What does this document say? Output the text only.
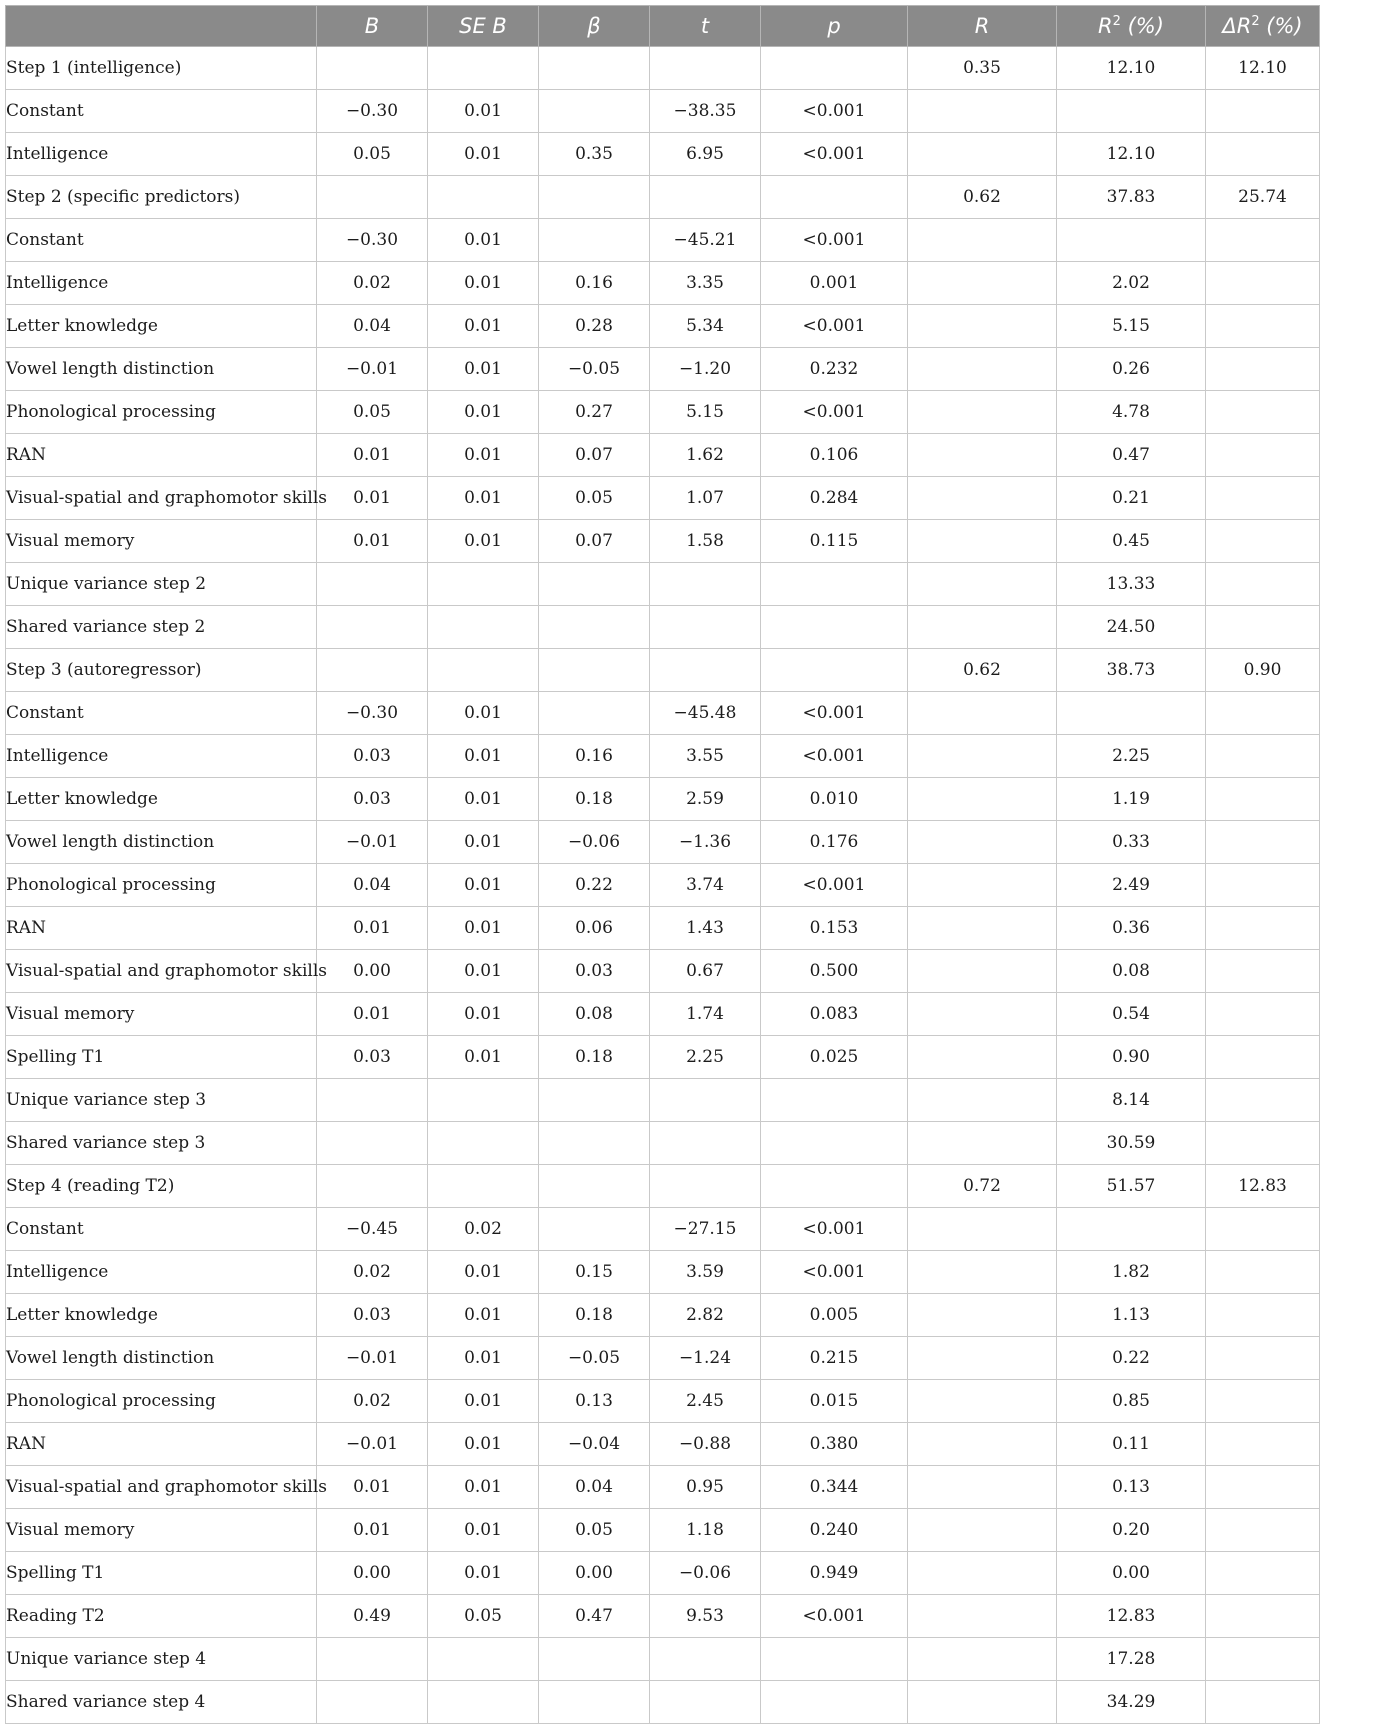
	B	SE B	β	t	p	R	$R^2$ (%)	$\Delta R^2$ (%)
Step 1 (intelligence)						0.35	12.10	12.10
Constant	−0.30	0.01		−38.35	<0.001			
Intelligence	0.05	0.01	0.35	6.95	<0.001		12.10	
Step 2 (specific predictors)						0.62	37.83	25.74
Constant	−0.30	0.01		−45.21	<0.001			
Intelligence	0.02	0.01	0.16	3.35	0.001		2.02	
Letter knowledge	0.04	0.01	0.28	5.34	<0.001		5.15	
Vowel length distinction	−0.01	0.01	−0.05	−1.20	0.232		0.26	
Phonological processing	0.05	0.01	0.27	5.15	<0.001		4.78	
RAN	0.01	0.01	0.07	1.62	0.106		0.47	
Visual-spatial and graphomotor skills	0.01	0.01	0.05	1.07	0.284		0.21	
Visual memory	0.01	0.01	0.07	1.58	0.115		0.45	
Unique variance step 2							13.33	
Shared variance step 2							24.50	
Step 3 (autoregressor)						0.62	38.73	0.90
Constant	−0.30	0.01		−45.48	<0.001			
Intelligence	0.03	0.01	0.16	3.55	<0.001		2.25	
Letter knowledge	0.03	0.01	0.18	2.59	0.010		1.19	
Vowel length distinction	−0.01	0.01	−0.06	−1.36	0.176		0.33	
Phonological processing	0.04	0.01	0.22	3.74	<0.001		2.49	
RAN	0.01	0.01	0.06	1.43	0.153		0.36	
Visual-spatial and graphomotor skills	0.00	0.01	0.03	0.67	0.500		0.08	
Visual memory	0.01	0.01	0.08	1.74	0.083		0.54	
Spelling T1	0.03	0.01	0.18	2.25	0.025		0.90	
Unique variance step 3							8.14	
Shared variance step 3							30.59	
Step 4 (reading T2)						0.72	51.57	12.83
Constant	−0.45	0.02		−27.15	<0.001			
Intelligence	0.02	0.01	0.15	3.59	<0.001		1.82	
Letter knowledge	0.03	0.01	0.18	2.82	0.005		1.13	
Vowel length distinction	−0.01	0.01	−0.05	−1.24	0.215		0.22	
Phonological processing	0.02	0.01	0.13	2.45	0.015		0.85	
RAN	−0.01	0.01	−0.04	−0.88	0.380		0.11	
Visual-spatial and graphomotor skills	0.01	0.01	0.04	0.95	0.344		0.13	
Visual memory	0.01	0.01	0.05	1.18	0.240		0.20	
Spelling T1	0.00	0.01	0.00	−0.06	0.949		0.00	
Reading T2	0.49	0.05	0.47	9.53	<0.001		12.83	
Unique variance step 4							17.28	
Shared variance step 4							34.29	
